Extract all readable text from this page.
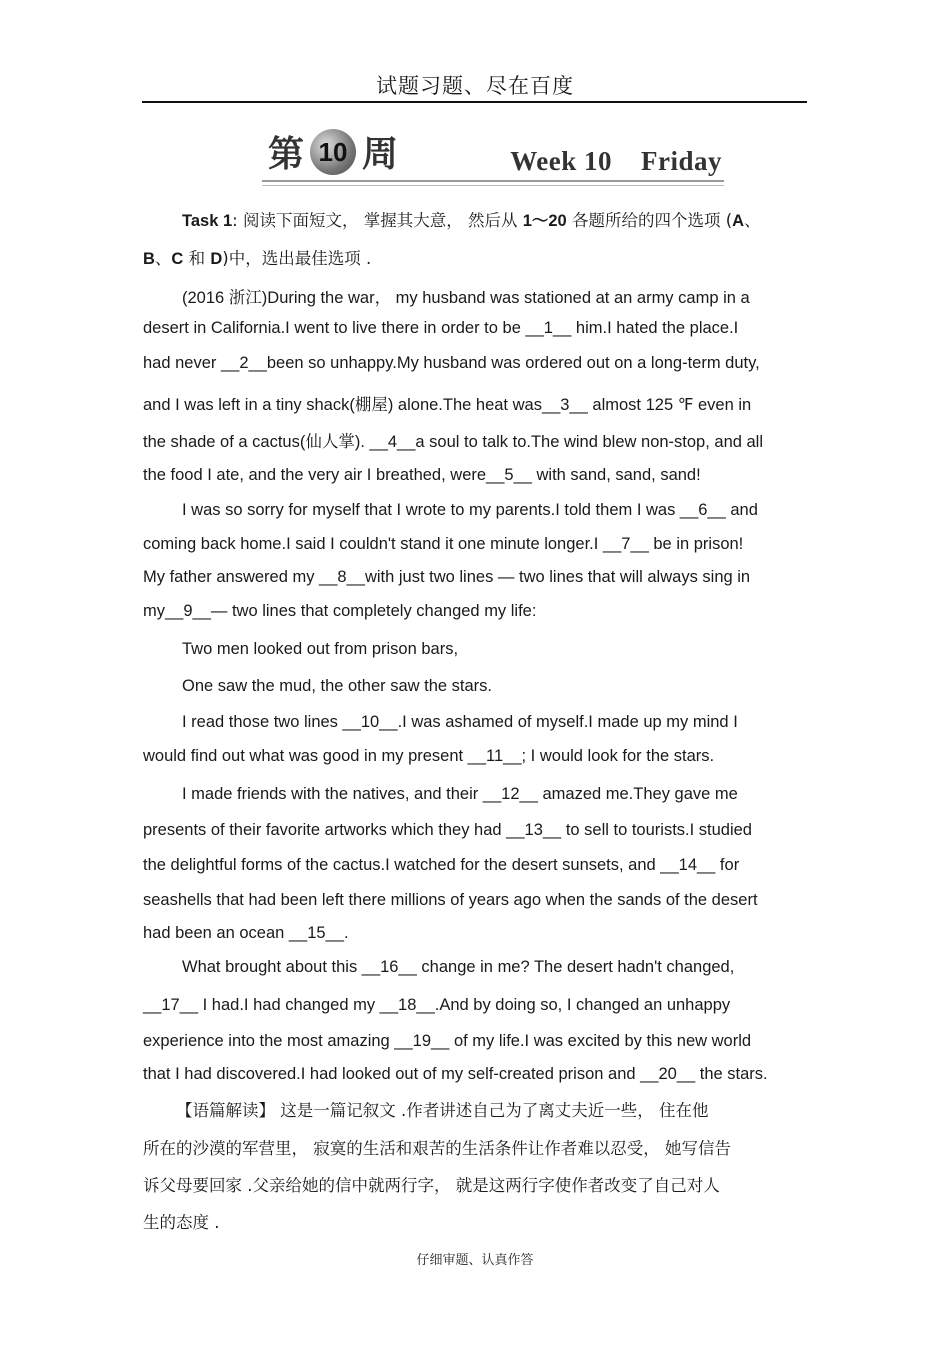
试题习题、尽在百度
第 10 周	Week 10    Friday
Task 1: 阅读下面短文， 掌握其大意， 然后从 1～20 各题所给的四个选项 (A、
B、C 和 D)中，选出最佳选项 .
(2016 浙江)During the war， my husband was stationed at an army camp in a
desert in California.I went to live there in order to be __1__ him.I hated the place.I
had never __2__been so unhappy.My husband was ordered out on a long-term duty,
and I was left in a tiny shack(棚屋) alone.The heat was__3__ almost 125 ℉ even in
the shade of a cactus(仙人掌). __4__a soul to talk to.The wind blew non-stop, and all
the food I ate, and the very air I breathed, were__5__ with sand, sand, sand!
I was so sorry for myself that I wrote to my parents.I told them I was __6__ and
coming back home.I said I couldn't stand it one minute longer.I __7__ be in prison!
My father answered my __8__with just two lines — two lines that will always sing in
my__9__— two lines that completely changed my life:
Two men looked out from prison bars,
One saw the mud, the other saw the stars.
I read those two lines __10__.I was ashamed of myself.I made up my mind I
would find out what was good in my present __11__; I would look for the stars.
I made friends with the natives, and their __12__ amazed me.They gave me
presents of their favorite artworks which they had __13__ to sell to tourists.I studied
the delightful forms of the cactus.I watched for the desert sunsets, and __14__ for
seashells that had been left there millions of years ago when the sands of the desert
had been an ocean __15__.
What brought about this __16__ change in me? The desert hadn't changed,
__17__ I had.I had changed my __18__.And by doing so, I changed an unhappy
experience into the most amazing __19__ of my life.I was excited by this new world
that I had discovered.I had looked out of my self-created prison and __20__ the stars.
【语篇解读】 这是一篇记叙文 .作者讲述自己为了离丈夫近一些， 住在他
所在的沙漠的军营里， 寂寞的生活和艰苦的生活条件让作者难以忍受， 她写信告
诉父母要回家 .父亲给她的信中就两行字， 就是这两行字使作者改变了自己对人
生的态度 .
仔细审题、认真作答
